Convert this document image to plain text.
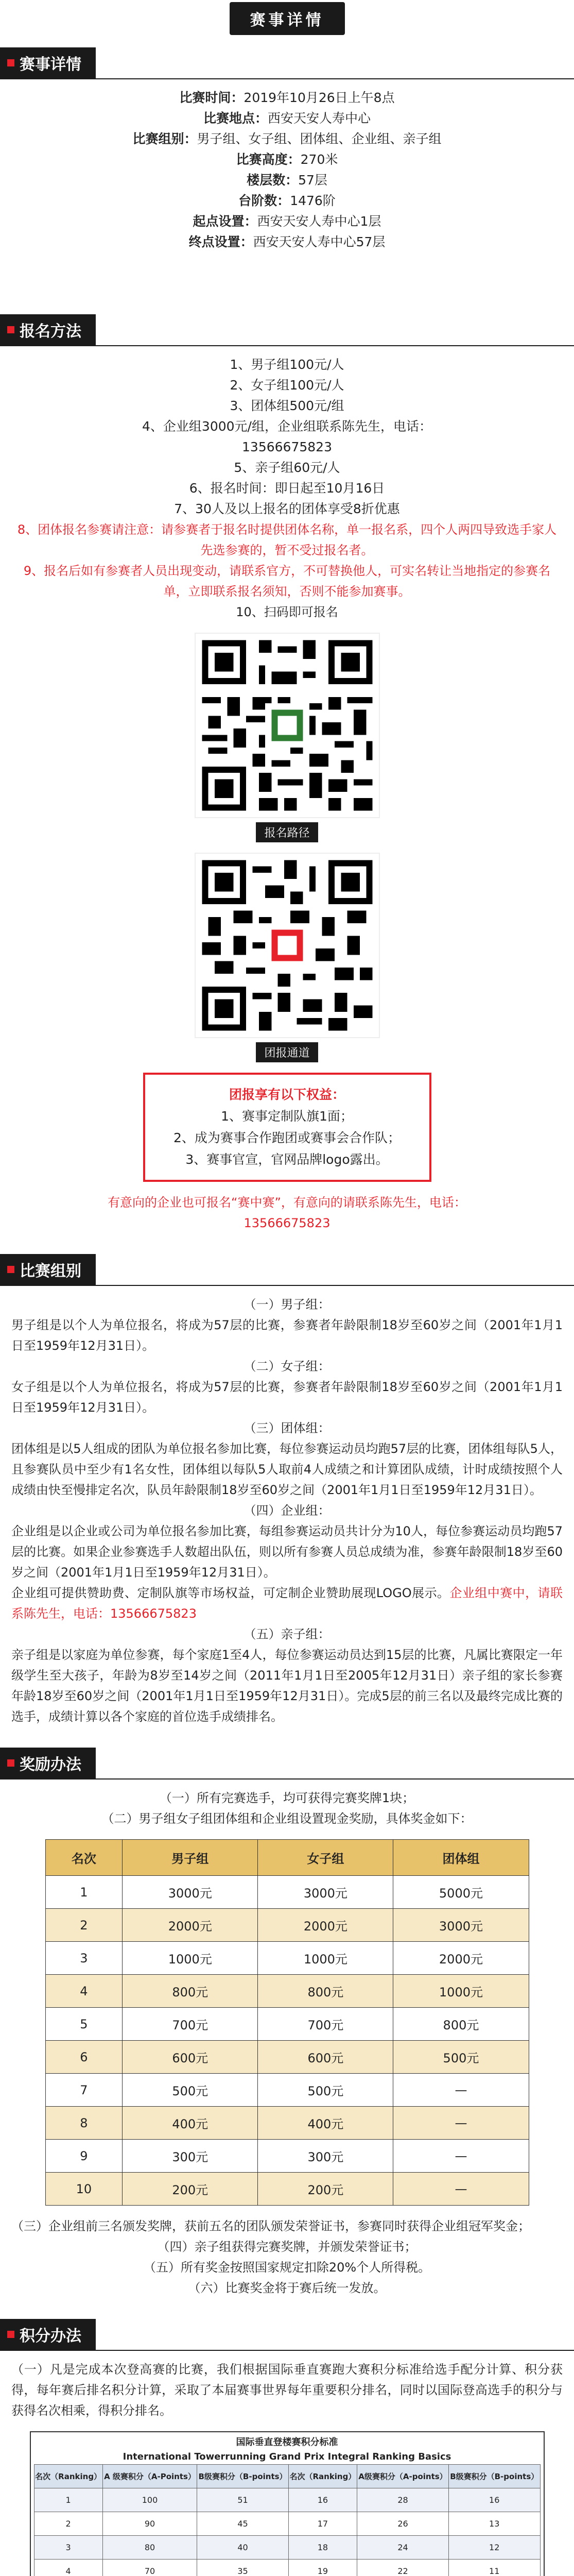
赛事详情
赛事详情
比赛时间：2019年10月26日上午8点
比赛地点：西安天安人寿中心
比赛组别：男子组、女子组、团体组、企业组、亲子组
比赛高度：270米
楼层数：57层
台阶数：1476阶
起点设置：西安天安人寿中心1层
终点设置：西安天安人寿中心57层
报名方法
1、男子组100元/人
2、女子组100元/人
3、团体组500元/组
4、企业组3000元/组，企业组联系陈先生，电话：
13566675823
5、亲子组60元/人
6、报名时间：即日起至10月16日
7、30人及以上报名的团体享受8折优惠
8、团体报名参赛请注意：请参赛者于报名时提供团体名称，单一报名系，四个人两四导致选手家人先选参赛的，暂不受过报名者。
9、报名后如有参赛者人员出现变动，请联系官方，不可替换他人，可实名转让当地指定的参赛名单，立即联系报名须知，否则不能参加赛事。
10、扫码即可报名
报名路径
团报通道
团报享有以下权益：
1、赛事定制队旗1面；
2、成为赛事合作跑团或赛事会合作队；
3、赛事官宣，官网品牌logo露出。
有意向的企业也可报名“赛中赛”，有意向的请联系陈先生，电话：
13566675823
比赛组别
（一）男子组：
男子组是以个人为单位报名，将成为57层的比赛，参赛者年龄限制18岁至60岁之间（2001年1月1日至1959年12月31日）。
（二）女子组：
女子组是以个人为单位报名，将成为57层的比赛，参赛者年龄限制18岁至60岁之间（2001年1月1日至1959年12月31日）。
（三）团体组：
团体组是以5人组成的团队为单位报名参加比赛，每位参赛运动员均跑57层的比赛，团体组每队5人，且参赛队员中至少有1名女性，团体组以每队5人取前4人成绩之和计算团队成绩，计时成绩按照个人成绩由快至慢排定名次，队员年龄限制18岁至60岁之间（2001年1月1日至1959年12月31日）。
（四）企业组：
企业组是以企业或公司为单位报名参加比赛，每组参赛运动员共计分为10人，每位参赛运动员均跑57层的比赛。如果企业参赛选手人数超出队伍，则以所有参赛人员总成绩为准，参赛年龄限制18岁至60岁之间（2001年1月1日至1959年12月31日）。
企业组可提供赞助费、定制队旗等市场权益，可定制企业赞助展现LOGO展示。企业组中赛中，请联系陈先生，电话：13566675823
（五）亲子组：
亲子组是以家庭为单位参赛，每个家庭1至4人，每位参赛运动员达到15层的比赛，凡属比赛限定一年级学生至大孩子，年龄为8岁至14岁之间（2011年1月1日至2005年12月31日）亲子组的家长参赛年龄18岁至60岁之间（2001年1月1日至1959年12月31日）。完成5层的前三名以及最终完成比赛的选手，成绩计算以各个家庭的首位选手成绩排名。
奖励办法
（一）所有完赛选手，均可获得完赛奖牌1块；
（二）男子组女子组团体组和企业组设置现金奖励，具体奖金如下：
名次	男子组	女子组	团体组
1	3000元	3000元	5000元
2	2000元	2000元	3000元
3	1000元	1000元	2000元
4	800元	800元	1000元
5	700元	700元	800元
6	600元	600元	500元
7	500元	500元	—
8	400元	400元	—
9	300元	300元	—
10	200元	200元	—
（三）企业组前三名颁发奖牌，获前五名的团队颁发荣誉证书，参赛同时获得企业组冠军奖金；
（四）亲子组获得完赛奖牌，并颁发荣誉证书；
（五）所有奖金按照国家规定扣除20%个人所得税。
（六）比赛奖金将于赛后统一发放。
积分办法
（一）凡是完成本次登高赛的比赛，我们根据国际垂直赛跑大赛积分标准给选手配分计算、积分获得，每年赛后排名积分计算，采取了本届赛事世界每年重要积分排名，同时以国际登高选手的积分与获得名次相乘，得积分排名。
国际垂直登楼赛积分标准
International Towerrunning Grand Prix Integral Ranking Basics
名次（Ranking）	A 级赛积分（A-Points）	B级赛积分（B-points）	名次（Ranking）	A级赛积分（A-points）	B级赛积分（B-points）
1	100	51	16	28	16
2	90	45	17	26	13
3	80	40	18	24	12
4	70	35	19	22	11
